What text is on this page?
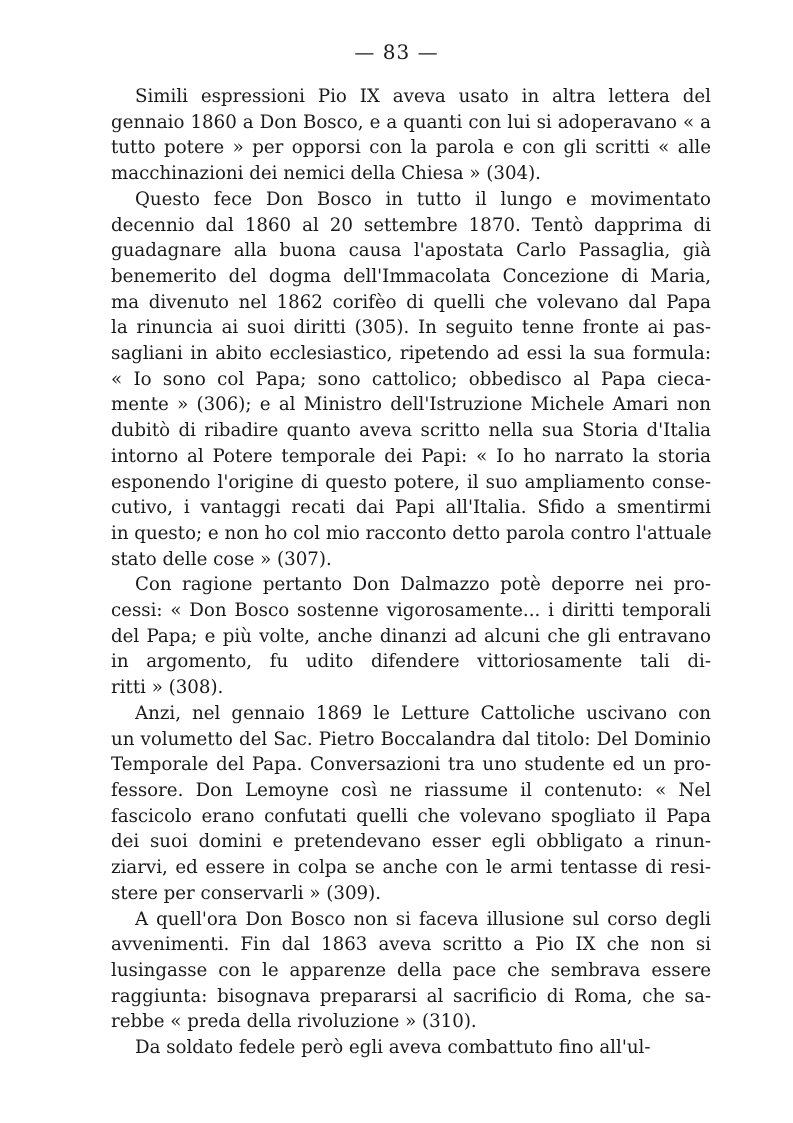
— 83 —
Simili espressioni Pio IX aveva usato in altra lettera del
gennaio 1860 a Don Bosco, e a quanti con lui si adoperavano « a
tutto potere » per opporsi con la parola e con gli scritti « alle
macchinazioni dei nemici della Chiesa » (304).
Questo fece Don Bosco in tutto il lungo e movimentato
decennio dal 1860 al 20 settembre 1870. Tentò dapprima di
guadagnare alla buona causa l'apostata Carlo Passaglia, già
benemerito del dogma dell'Immacolata Concezione di Maria,
ma divenuto nel 1862 corifèo di quelli che volevano dal Papa
la rinuncia ai suoi diritti (305). In seguito tenne fronte ai pas-
sagliani in abito ecclesiastico, ripetendo ad essi la sua formula:
« Io sono col Papa; sono cattolico; obbedisco al Papa cieca-
mente » (306); e al Ministro dell'Istruzione Michele Amari non
dubitò di ribadire quanto aveva scritto nella sua Storia d'Italia
intorno al Potere temporale dei Papi: « Io ho narrato la storia
esponendo l'origine di questo potere, il suo ampliamento conse-
cutivo, i vantaggi recati dai Papi all'Italia. Sfido a smentirmi
in questo; e non ho col mio racconto detto parola contro l'attuale
stato delle cose » (307).
Con ragione pertanto Don Dalmazzo potè deporre nei pro-
cessi: « Don Bosco sostenne vigorosamente... i diritti temporali
del Papa; e più volte, anche dinanzi ad alcuni che gli entravano
in argomento, fu udito difendere vittoriosamente tali di-
ritti » (308).
Anzi, nel gennaio 1869 le Letture Cattoliche uscivano con
un volumetto del Sac. Pietro Boccalandra dal titolo: Del Dominio
Temporale del Papa. Conversazioni tra uno studente ed un pro-
fessore. Don Lemoyne così ne riassume il contenuto: « Nel
fascicolo erano confutati quelli che volevano spogliato il Papa
dei suoi domini e pretendevano esser egli obbligato a rinun-
ziarvi, ed essere in colpa se anche con le armi tentasse di resi-
stere per conservarli » (309).
A quell'ora Don Bosco non si faceva illusione sul corso degli
avvenimenti. Fin dal 1863 aveva scritto a Pio IX che non si
lusingasse con le apparenze della pace che sembrava essere
raggiunta: bisognava prepararsi al sacrificio di Roma, che sa-
rebbe « preda della rivoluzione » (310).
Da soldato fedele però egli aveva combattuto fino all'ul-
